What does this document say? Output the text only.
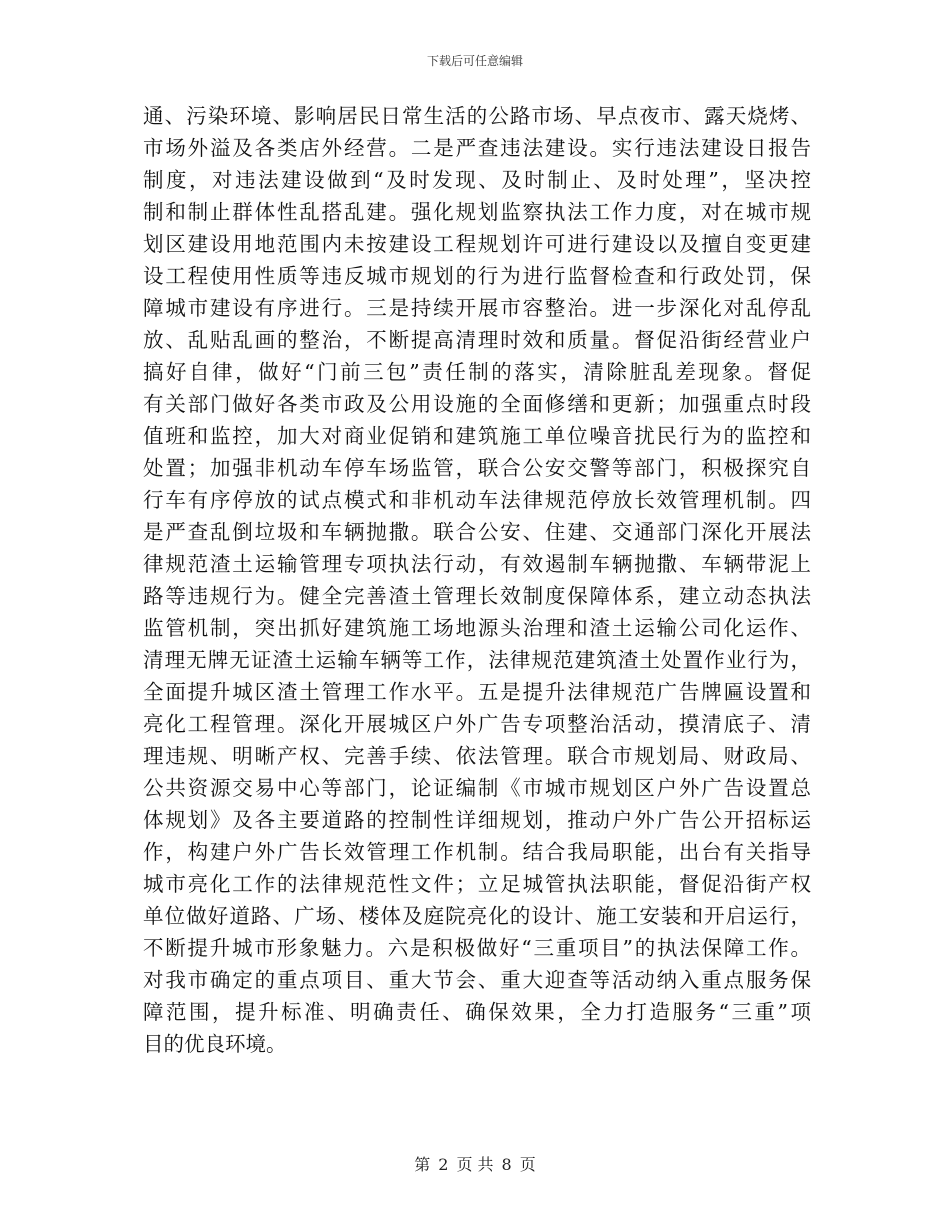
下载后可任意编辑
通、污染环境、影响居民日常生活的公路市场、早点夜市、露天烧烤、
市场外溢及各类店外经营。二是严查违法建设。实行违法建设日报告
制度，对违法建设做到“及时发现、及时制止、及时处理”，坚决控
制和制止群体性乱搭乱建。强化规划监察执法工作力度，对在城市规
划区建设用地范围内未按建设工程规划许可进行建设以及擅自变更建
设工程使用性质等违反城市规划的行为进行监督检查和行政处罚，保
障城市建设有序进行。三是持续开展市容整治。进一步深化对乱停乱
放、乱贴乱画的整治，不断提高清理时效和质量。督促沿街经营业户
搞好自律，做好“门前三包”责任制的落实，清除脏乱差现象。督促
有关部门做好各类市政及公用设施的全面修缮和更新；加强重点时段
值班和监控，加大对商业促销和建筑施工单位噪音扰民行为的监控和
处置；加强非机动车停车场监管，联合公安交警等部门，积极探究自
行车有序停放的试点模式和非机动车法律规范停放长效管理机制。四
是严查乱倒垃圾和车辆抛撒。联合公安、住建、交通部门深化开展法
律规范渣土运输管理专项执法行动，有效遏制车辆抛撒、车辆带泥上
路等违规行为。健全完善渣土管理长效制度保障体系，建立动态执法
监管机制，突出抓好建筑施工场地源头治理和渣土运输公司化运作、
清理无牌无证渣土运输车辆等工作，法律规范建筑渣土处置作业行为，
全面提升城区渣土管理工作水平。五是提升法律规范广告牌匾设置和
亮化工程管理。深化开展城区户外广告专项整治活动，摸清底子、清
理违规、明晰产权、完善手续、依法管理。联合市规划局、财政局、
公共资源交易中心等部门，论证编制《市城市规划区户外广告设置总
体规划》及各主要道路的控制性详细规划，推动户外广告公开招标运
作，构建户外广告长效管理工作机制。结合我局职能，出台有关指导
城市亮化工作的法律规范性文件；立足城管执法职能，督促沿街产权
单位做好道路、广场、楼体及庭院亮化的设计、施工安装和开启运行，
不断提升城市形象魅力。六是积极做好“三重项目”的执法保障工作。
对我市确定的重点项目、重大节会、重大迎查等活动纳入重点服务保
障范围，提升标准、明确责任、确保效果，全力打造服务“三重”项
目的优良环境。
第 2 页 共 8 页
